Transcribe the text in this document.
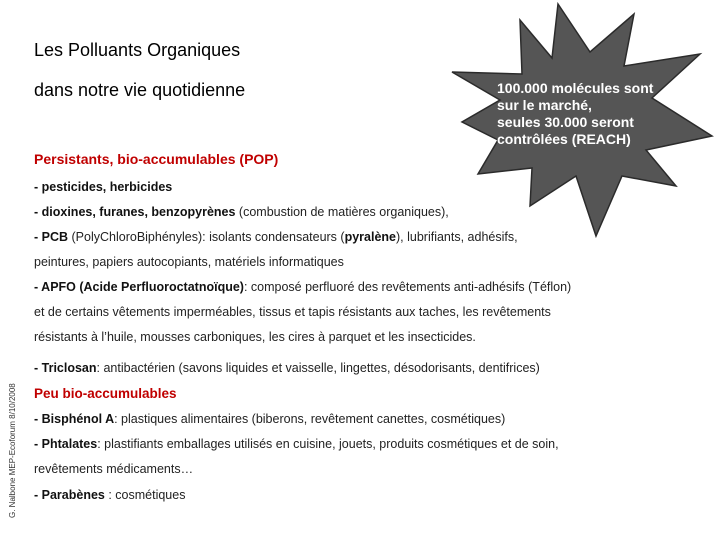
100.000 molécules sont
sur le marché,
seules 30.000 seront
contrôlées (REACH)
Les Polluants Organiques
dans notre vie quotidienne
Persistants, bio-accumulables (POP)
- pesticides, herbicides
- dioxines, furanes, benzopyrènes (combustion de matières organiques),
- PCB (PolyChloroBiphényles): isolants condensateurs (pyralène), lubrifiants, adhésifs,
peintures, papiers autocopiants, matériels informatiques
- APFO (Acide Perfluoroctatnoïque): composé perfluoré des revêtements anti-adhésifs (Téflon)
et de certains vêtements imperméables, tissus et tapis résistants aux taches, les revêtements
résistants à l’huile, mousses carboniques, les cires à parquet et les insecticides.
- Triclosan: antibactérien (savons liquides et vaisselle, lingettes, désodorisants, dentifrices)
Peu bio-accumulables
- Bisphénol A: plastiques alimentaires (biberons, revêtement canettes, cosmétiques)
- Phtalates: plastifiants emballages utilisés en cuisine, jouets, produits cosmétiques et de soin,
revêtements médicaments…
- Parabènes : cosmétiques
G. Nalbone MEP-Ecoforum 8/10/2008
